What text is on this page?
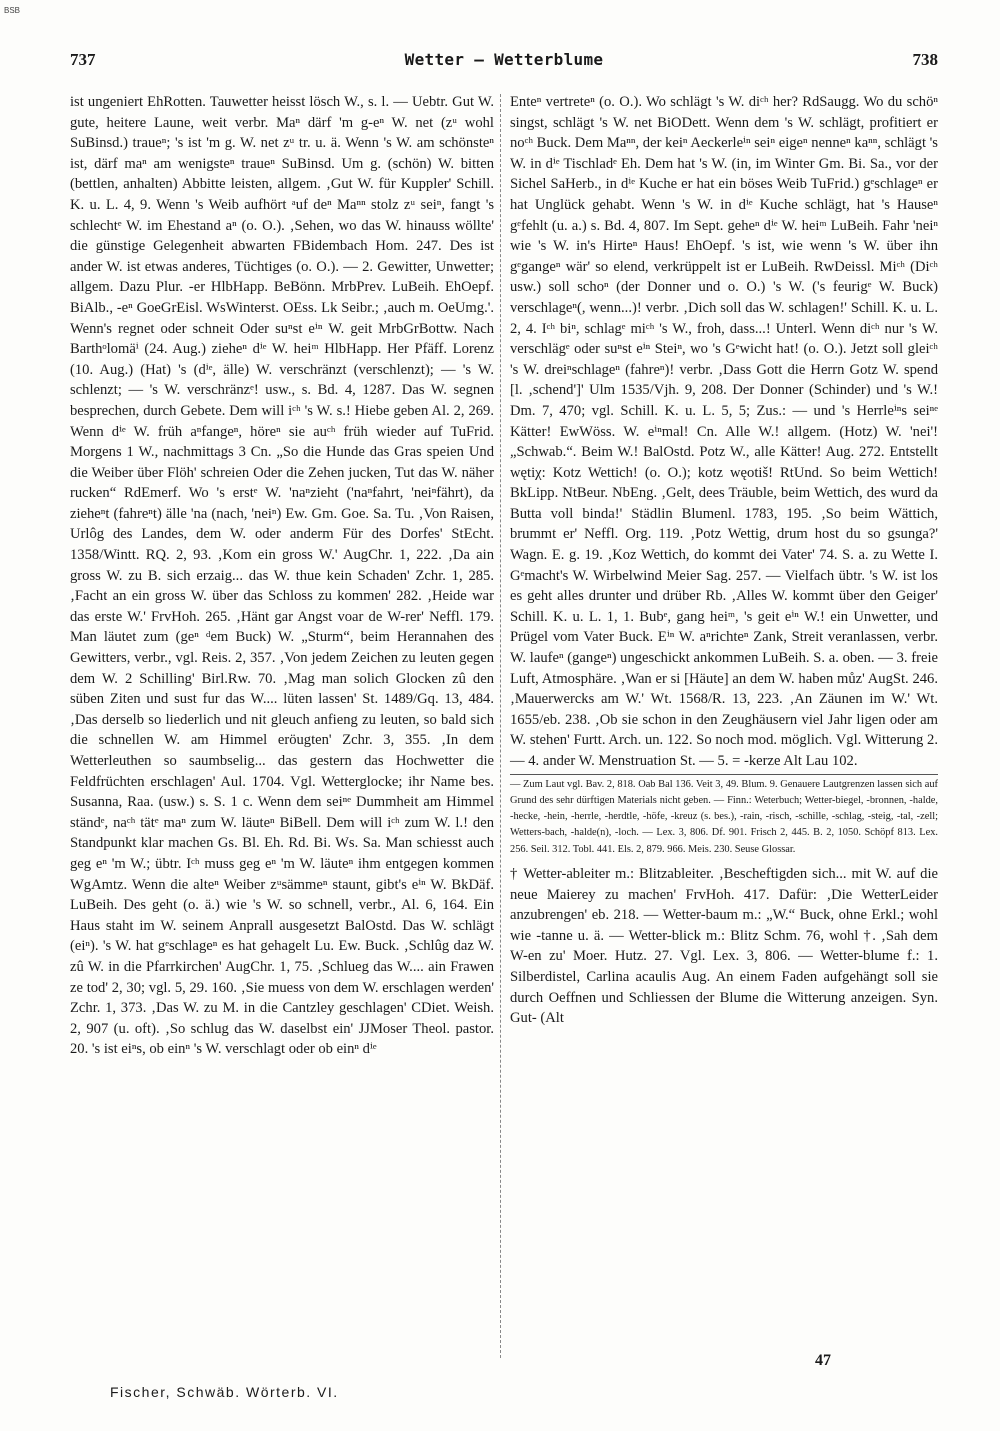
BSB
737	Wetter — Wetterblume	738

ist ungeniert EhRotten. Tauwetter heisst lösch W., s. l. — Uebtr. Gut W. gute, heitere Laune, weit verbr. Maⁿ därf 'm g-eⁿ W. net (zᵘ wohl SuBinsd.) traueⁿ; 's ist 'm g. W. net zᵘ tr. u. ä. Wenn 's W. am schönsteⁿ ist, därf maⁿ am wenigsteⁿ traueⁿ SuBinsd. Um g. (schön) W. bitten (bettlen, anhalten) Abbitte leisten, allgem. ‚Gut W. für Kuppler' Schill. K. u. L. 4, 9. Wenn 's Weib aufhört ᵃuf deⁿ Maⁿⁿ stolz zᵘ seiⁿ, fangt 's schlechtᵉ W. im Ehestand aⁿ (o. O.). ‚Sehen, wo das W. hinauss wöllte' die günstige Gelegenheit abwarten FBidembach Hom. 247. Des ist ander W. ist etwas anderes, Tüchtiges (o. O.). — 2. Gewitter, Unwetter; allgem. Dazu Plur. -er HlbHapp. BeBönn. MrbPrev. LuBeih. EhOepf. BiAlb., -eⁿ GoeGrEisl. WsWinterst. OEss. Lk Seibr.; ‚auch m. OeUmg.'. Wenn's regnet oder schneit Oder suⁿst eⁱⁿ W. geit MrbGrBottw. Nach Barthᵒlomäⁱ (24. Aug.) zieheⁿ dⁱᵉ W. heiᵐ HlbHapp. Her Pfäff. Lorenz (10. Aug.) (Hat) 's (dⁱᵉ, älle) W. verschränzt (verschlenzt); — 's W. schlenzt; — 's W. verschränzᵉ! usw., s. Bd. 4, 1287. Das W. segnen besprechen, durch Gebete. Dem will iᶜʰ 's W. s.! Hiebe geben Al. 2, 269. Wenn dⁱᵉ W. früh aⁿfangeⁿ, höreⁿ sie auᶜʰ früh wieder auf TuFrid. Morgens 1 W., nachmittags 3 Cn. „So die Hunde das Gras speien Und die Weiber über Flöh' schreien Oder die Zehen jucken, Tut das W. näher rucken“ RdEmerf. Wo 's erstᵉ W. 'naⁿzieht ('naⁿfahrt, 'neiⁿfährt), da zieheⁿt (fahreⁿt) älle 'na (nach, 'neiⁿ) Ew. Gm. Goe. Sa. Tu. ‚Von Raisen, Urlôg des Landes, dem W. oder anderm Für des Dorfes' StEcht. 1358/Wintt. RQ. 2, 93. ‚Kom ein gross W.' AugChr. 1, 222. ‚Da ain gross W. zu B. sich erzaig... das W. thue kein Schaden' Zchr. 1, 285. ‚Facht an ein gross W. über das Schloss zu kommen' 282. ‚Heide war das erste W.' FrvHoh. 265. ‚Hänt gar Angst voar de W-rer' Neffl. 179. Man läutet zum (geⁿ ᵈem Buck) W. „Sturm“, beim Herannahen des Gewitters, verbr., vgl. Reis. 2, 357. ‚Von jedem Zeichen zu leuten gegen dem W. 2 Schilling' Birl.Rw. 70. ‚Mag man solich Glocken zû den süben Ziten und sust fur das W.... lüten lassen' St. 1489/Gq. 13, 484. ‚Das derselb so liederlich und nit gleuch anfieng zu leuten, so bald sich die schnellen W. am Himmel eröugten' Zchr. 3, 355. ‚In dem Wetterleuthen so saumbselig... das gestern das Hochwetter die Feldfrüchten erschlagen' Aul. 1704. Vgl. Wetterglocke; ihr Name bes. Susanna, Raa. (usw.) s. S. 1 c. Wenn dem seiⁿᵉ Dummheit am Himmel ständᵉ, naᶜʰ tätᵉ maⁿ zum W. läuteⁿ BiBell. Dem will iᶜʰ zum W. l.! den Standpunkt klar machen Gs. Bl. Eh. Rd. Bi. Ws. Sa. Man schiesst auch geg eⁿ 'm W.; übtr. Iᶜʰ muss geg eⁿ 'm W. läuteⁿ ihm entgegen kommen WgAmtz. Wenn die alteⁿ Weiber zᵘsämmeⁿ staunt, gibt's eⁱⁿ W. BkDäf. LuBeih. Des geht (o. ä.) wie 's W. so schnell, verbr., Al. 6, 164. Ein Haus staht im W. seinem Anprall ausgesetzt BalOstd. Das W. schlägt (eiⁿ). 's W. hat gᵉschlageⁿ es hat gehagelt Lu. Ew. Buck. ‚Schlûg daz W. zû W. in die Pfarrkirchen' AugChr. 1, 75. ‚Schlueg das W.... ain Frawen ze tod' 2, 30; vgl. 5, 29. 160. ‚Sie muess von dem W. erschlagen werden' Zchr. 1, 373. ‚Das W. zu M. in die Cantzley geschlagen' CDiet. Weish. 2, 907 (u. oft). ‚So schlug das W. daselbst ein' JJMoser Theol. pastor. 20. 's ist eiⁿs, ob einⁿ 's W. verschlagt oder ob einⁿ dⁱᵉ

Enteⁿ vertreteⁿ (o. O.). Wo schlägt 's W. diᶜʰ her? RdSaugg. Wo du schöⁿ singst, schlägt 's W. net BiODett. Wenn dem 's W. schlägt, profitiert er noᶜʰ Buck. Dem Maⁿⁿ, der keiⁿ Aeckerleⁱⁿ seiⁿ eigeⁿ nenneⁿ kaⁿⁿ, schlägt 's W. in dⁱᵉ Tischladᵉ Eh. Dem hat 's W. (in, im Winter Gm. Bi. Sa., vor der Sichel SaHerb., in dⁱᵉ Kuche er hat ein böses Weib TuFrid.) gᵉschlageⁿ er hat Unglück gehabt. Wenn 's W. in dⁱᵉ Kuche schlägt, hat 's Hauseⁿ gᵉfehlt (u. a.) s. Bd. 4, 807. Im Sept. geheⁿ dⁱᵉ W. heiᵐ LuBeih. Fahr 'neiⁿ wie 's W. in's Hirteⁿ Haus! EhOepf. 's ist, wie wenn 's W. über ihn gᵉgangeⁿ wär' so elend, verkrüppelt ist er LuBeih. RwDeissl. Miᶜʰ (Diᶜʰ usw.) soll schoⁿ (der Donner und o. O.) 's W. ('s feurigᵉ W. Buck) verschlageⁿ(, wenn...)! verbr. ‚Dich soll das W. schlagen!' Schill. K. u. L. 2, 4. Iᶜʰ biⁿ, schlagᵉ miᶜʰ 's W., froh, dass...! Unterl. Wenn diᶜʰ nur 's W. verschlägᵉ oder suⁿst eⁱⁿ Steiⁿ, wo 's Gᵉwicht hat! (o. O.). Jetzt soll gleiᶜʰ 's W. dreiⁿschlageⁿ (fahreⁿ)! verbr. ‚Dass Gott die Herrn Gotz W. spend [l. ‚schend']' Ulm 1535/Vjh. 9, 208. Der Donner (Schinder) und 's W.! Dm. 7, 470; vgl. Schill. K. u. L. 5, 5; Zus.: — und 's Herrleⁱⁿs seiⁿᵉ Kätter! EwWöss. W. eⁱⁿmal! Cn. Alle W.! allgem. (Hotz) W. 'nei'! „Schwab.“. Beim W.! BalOstd. Potz W., alle Kätter! Aug. 272. Entstellt wętiχ: Kotz Wettich! (o. O.); kotz węotiš! RtUnd. So beim Wettich! BkLipp. NtBeur. NbEng. ‚Gelt, dees Träuble, beim Wettich, des wurd da Butta voll binda!' Städlin Blumenl. 1783, 195. ‚So beim Wättich, brummt er' Neffl. Org. 119. ‚Potz Wettig, drum host du so gsunga?' Wagn. E. g. 19. ‚Koz Wettich, do kommt dei Vater' 74. S. a. zu Wette I. Gᵉmacht's W. Wirbelwind Meier Sag. 257. — Vielfach übtr. 's W. ist los es geht alles drunter und drüber Rb. ‚Alles W. kommt über den Geiger' Schill. K. u. L. 1, 1. Bubᵉ, gang heiᵐ, 's geit eⁱⁿ W.! ein Unwetter, und Prügel vom Vater Buck. Eⁱⁿ W. aⁿrichteⁿ Zank, Streit veranlassen, verbr. W. laufeⁿ (gangeⁿ) ungeschickt ankommen LuBeih. S. a. oben. — 3. freie Luft, Atmosphäre. ‚Wan er si [Häute] an dem W. haben můz' AugSt. 246. ‚Mauerwercks am W.' Wt. 1568/R. 13, 223. ‚An Zäunen im W.' Wt. 1655/eb. 238. ‚Ob sie schon in den Zeughäusern viel Jahr ligen oder am W. stehen' Furtt. Arch. un. 122. So noch mod. möglich. Vgl. Witterung 2. — 4. ander W. Menstruation St. — 5. = -kerze Alt Lau 102.

— Zum Laut vgl. Bav. 2, 818. Oab Bal 136. Veit 3, 49. Blum. 9. Genauere Lautgrenzen lassen sich auf Grund des sehr dürftigen Materials nicht geben. — Finn.: Weterbuch; Wetter-biegel, -bronnen, -halde, -hecke, -hein, -herrle, -herdtle, -höfe, -kreuz (s. bes.), -rain, -risch, -schille, -schlag, -steig, -tal, -zell; Wetters-bach, -halde(n), -loch. — Lex. 3, 806. Df. 901. Frisch 2, 445. B. 2, 1050. Schöpf 813. Lex. 256. Seil. 312. Tobl. 441. Els. 2, 879. 966. Meis. 230. Seuse Glossar.

† Wetter-ableiter m.: Blitzableiter. ‚Bescheftigden sich... mit W. auf die neue Maierey zu machen' FrvHoh. 417. Dafür: ‚Die WetterLeider anzubrengen' eb. 218. — Wetter-baum m.: „W.“ Buck, ohne Erkl.; wohl wie -tanne u. ä. — Wetter-blick m.: Blitz Schm. 76, wohl †. ‚Sah dem W-en zu' Moer. Hutz. 27. Vgl. Lex. 3, 806. — Wetter-blume f.: 1. Silberdistel, Carlina acaulis Aug. An einem Faden aufgehängt soll sie durch Oeffnen und Schliessen der Blume die Witterung anzeigen. Syn. Gut- (Alt

Fischer, Schwäb. Wörterb. VI.
47
